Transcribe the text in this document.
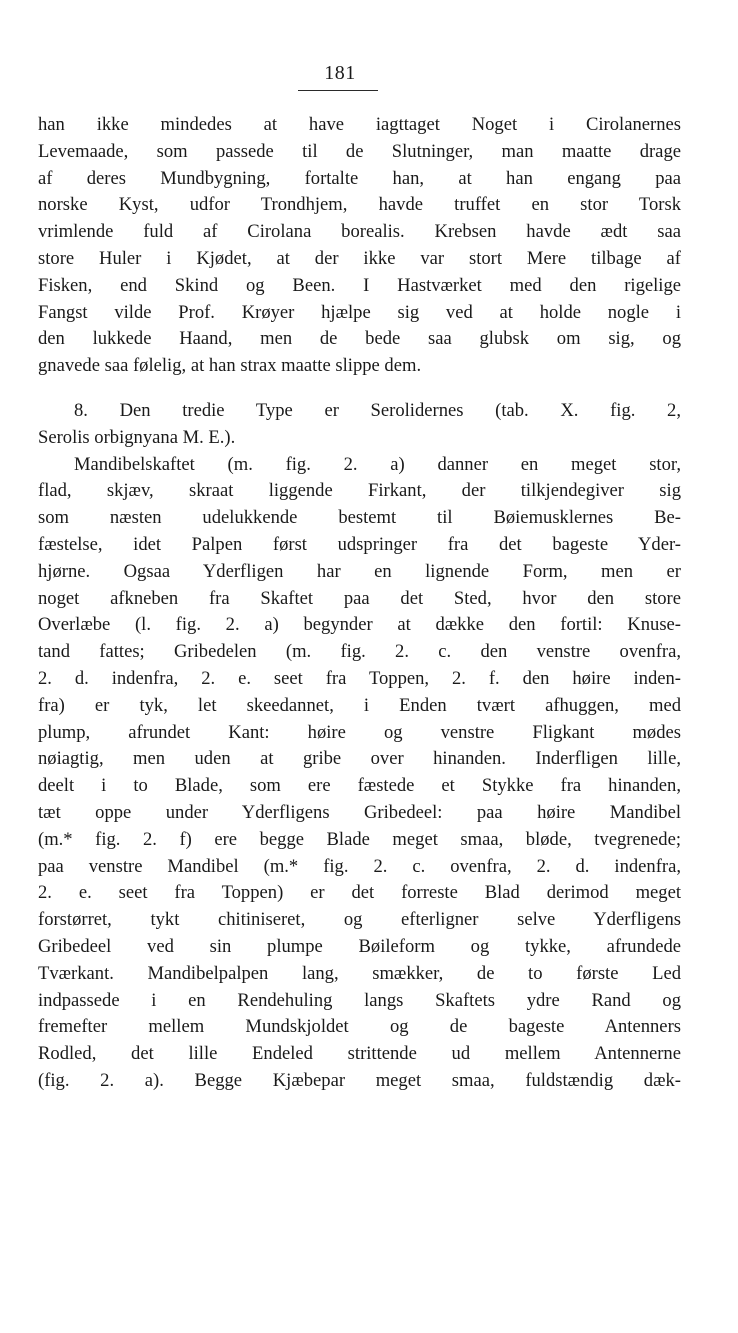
181
han ikke mindedes at have iagttaget Noget i Cirolanernes
Levemaade, som passede til de Slutninger, man maatte drage
af deres Mundbygning, fortalte han, at han engang paa
norske Kyst, udfor Trondhjem, havde truffet en stor Torsk
vrimlende fuld af Cirolana borealis. Krebsen havde ædt saa
store Huler i Kjødet, at der ikke var stort Mere tilbage af
Fisken, end Skind og Been. I Hastværket med den rigelige
Fangst vilde Prof. Krøyer hjælpe sig ved at holde nogle i
den lukkede Haand, men de bede saa glubsk om sig, og
gnavede saa følelig, at han strax maatte slippe dem.
8. Den tredie Type er Serolidernes (tab. X. fig. 2,
Serolis orbignyana M. E.).
Mandibelskaftet (m. fig. 2. a) danner en meget stor,
flad, skjæv, skraat liggende Firkant, der tilkjendegiver sig
som næsten udelukkende bestemt til Bøiemusklernes Be-
fæstelse, idet Palpen først udspringer fra det bageste Yder-
hjørne. Ogsaa Yderfligen har en lignende Form, men er
noget afkneben fra Skaftet paa det Sted, hvor den store
Overlæbe (l. fig. 2. a) begynder at dække den fortil: Knuse-
tand fattes; Gribedelen (m. fig. 2. c. den venstre ovenfra,
2. d. indenfra, 2. e. seet fra Toppen, 2. f. den høire inden-
fra) er tyk, let skeedannet, i Enden tvært afhuggen, med
plump, afrundet Kant: høire og venstre Fligkant mødes
nøiagtig, men uden at gribe over hinanden. Inderfligen lille,
deelt i to Blade, som ere fæstede et Stykke fra hinanden,
tæt oppe under Yderfligens Gribedeel: paa høire Mandibel
(m.* fig. 2. f) ere begge Blade meget smaa, bløde, tvegrenede;
paa venstre Mandibel (m.* fig. 2. c. ovenfra, 2. d. indenfra,
2. e. seet fra Toppen) er det forreste Blad derimod meget
forstørret, tykt chitiniseret, og efterligner selve Yderfligens
Gribedeel ved sin plumpe Bøileform og tykke, afrundede
Tværkant. Mandibelpalpen lang, smækker, de to første Led
indpassede i en Rendehuling langs Skaftets ydre Rand og
fremefter mellem Mundskjoldet og de bageste Antenners
Rodled, det lille Endeled strittende ud mellem Antennerne
(fig. 2. a). Begge Kjæbepar meget smaa, fuldstændig dæk-
